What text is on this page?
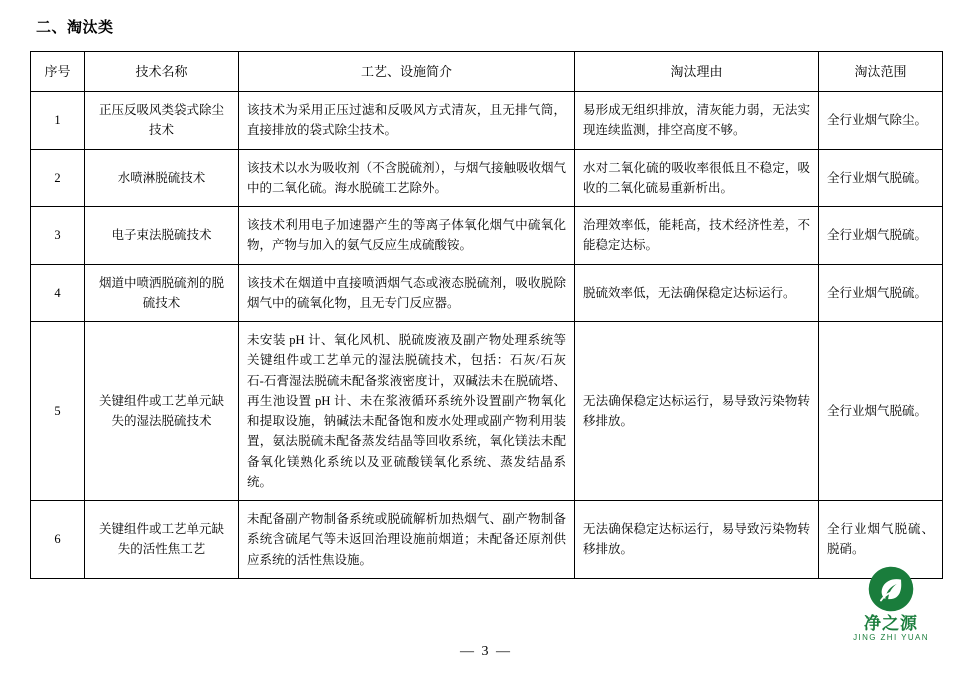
二、淘汰类
序号	技术名称	工艺、设施简介	淘汰理由	淘汰范围
1	正压反吸风类袋式除尘技术	该技术为采用正压过滤和反吸风方式清灰，且无排气筒，直接排放的袋式除尘技术。	易形成无组织排放，清灰能力弱，无法实现连续监测，排空高度不够。	全行业烟气除尘。
2	水喷淋脱硫技术	该技术以水为吸收剂（不含脱硫剂），与烟气接触吸收烟气中的二氧化硫。海水脱硫工艺除外。	水对二氧化硫的吸收率很低且不稳定，吸收的二氧化硫易重新析出。	全行业烟气脱硫。
3	电子束法脱硫技术	该技术利用电子加速器产生的等离子体氧化烟气中硫氧化物，产物与加入的氨气反应生成硫酸铵。	治理效率低，能耗高，技术经济性差，不能稳定达标。	全行业烟气脱硫。
4	烟道中喷洒脱硫剂的脱硫技术	该技术在烟道中直接喷洒烟气态或液态脱硫剂，吸收脱除烟气中的硫氧化物，且无专门反应器。	脱硫效率低，无法确保稳定达标运行。	全行业烟气脱硫。
5	关键组件或工艺单元缺失的湿法脱硫技术	未安装 pH 计、氧化风机、脱硫废液及副产物处理系统等关键组件或工艺单元的湿法脱硫技术，包括：石灰/石灰石-石膏湿法脱硫未配备浆液密度计，双碱法未在脱硫塔、再生池设置 pH 计、未在浆液循环系统外设置副产物氧化和提取设施，钠碱法未配备饱和废水处理或副产物利用装置，氨法脱硫未配备蒸发结晶等回收系统，氧化镁法未配备氧化镁熟化系统以及亚硫酸镁氧化系统、蒸发结晶系统。	无法确保稳定达标运行，易导致污染物转移排放。	全行业烟气脱硫。
6	关键组件或工艺单元缺失的活性焦工艺	未配备副产物制备系统或脱硫解析加热烟气、副产物制备系统含硫尾气等未返回治理设施前烟道；未配备还原剂供应系统的活性焦设施。	无法确保稳定达标运行，易导致污染物转移排放。	全行业烟气脱硫、脱硝。
净之源
JING ZHI YUAN
— 3 —
